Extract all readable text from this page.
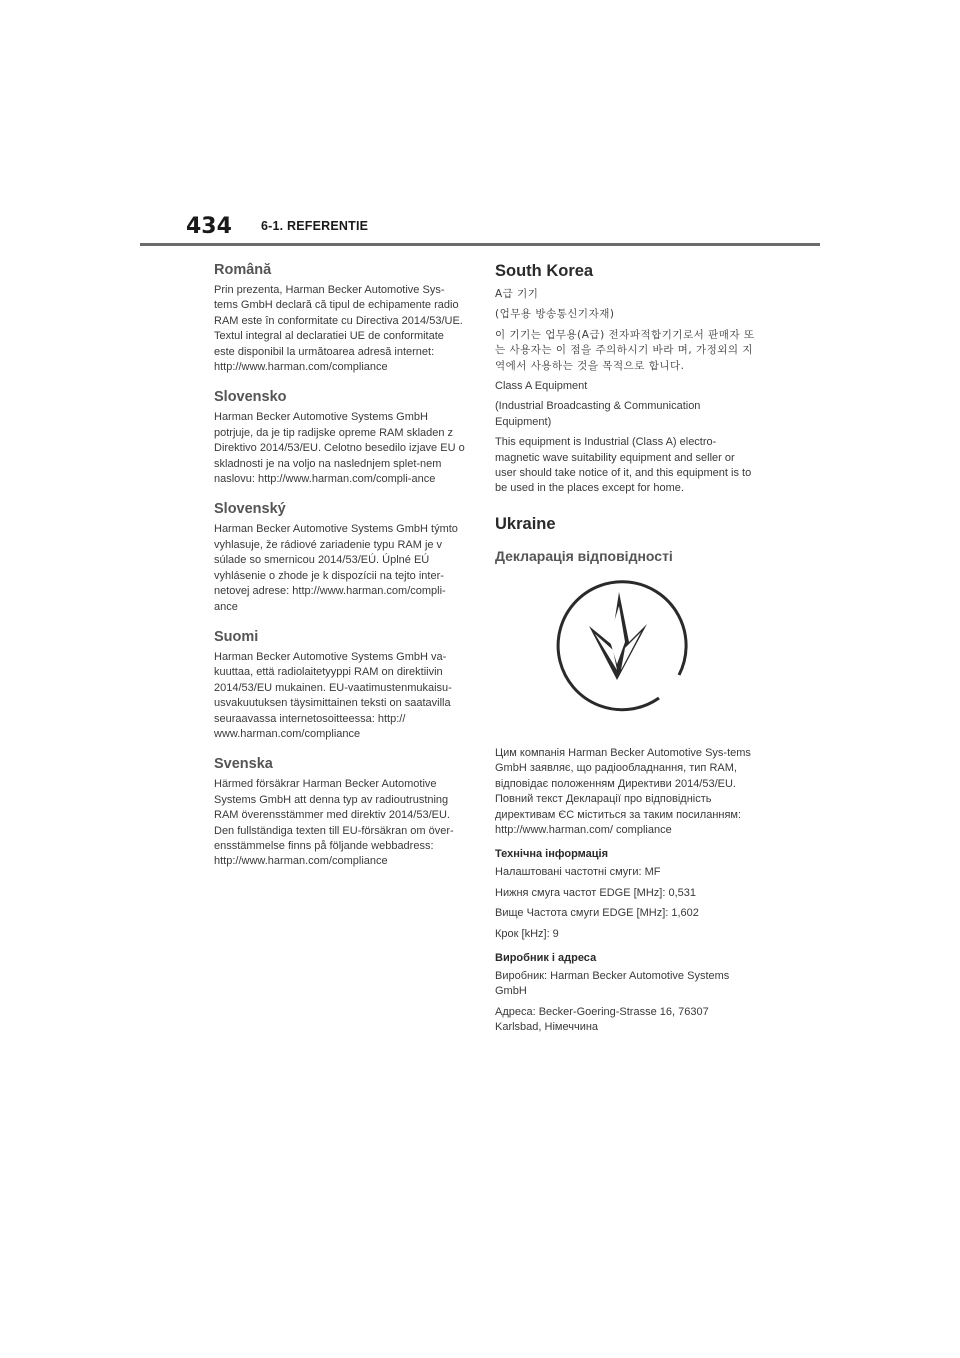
434 6-1. REFERENTIE
Română

Prin prezenta, Harman Becker Automotive Sys-tems GmbH declară că tipul de echipamente radio RAM este în conformitate cu Directiva 2014/53/UE. Textul integral al declaratiei UE de conformitate este disponibil la următoarea adresă internet: http://www.harman.com/compliance

Slovensko

Harman Becker Automotive Systems GmbH potrjuje, da je tip radijske opreme RAM skladen z Direktivo 2014/53/EU. Celotno besedilo izjave EU o skladnosti je na voljo na naslednjem splet-nem naslovu: http://www.harman.com/compli-ance

Slovenský

Harman Becker Automotive Systems GmbH týmto vyhlasuje, že rádiové zariadenie typu RAM je v súlade so smernicou 2014/53/EÚ. Úplné EÚ vyhlásenie o zhode je k dispozícii na tejto inter-netovej adrese: http://www.harman.com/compli-ance

Suomi

Harman Becker Automotive Systems GmbH va-kuuttaa, että radiolaitetyyppi RAM on direktiivin 2014/53/EU mukainen. EU-vaatimustenmukaisu-usvakuutuksen täysimittainen teksti on saatavilla seuraavassa internetosoitteessa: http:// www.harman.com/compliance

Svenska

Härmed försäkrar Harman Becker Automotive Systems GmbH att denna typ av radioutrustning RAM överensstämmer med direktiv 2014/53/EU. Den fullständiga texten till EU-försäkran om över-ensstämmelse finns på följande webbadress: http://www.harman.com/compliance

South Korea

A급 기기

(업무용 방송통신기자재)

이 기기는 업무용(A급) 전자파적합기기로서 판매자 또는 사용자는 이 점을 주의하시기 바라 며, 가정외의 지역에서 사용하는 것을 목적으로 합니다.

Class A Equipment

(Industrial Broadcasting & Communication Equipment)

This equipment is Industrial (Class A) electro-magnetic wave suitability equipment and seller or user should take notice of it, and this equipment is to be used in the places except for home.

Ukraine
Декларація відповідності

Цим компанія Harman Becker Automotive Sys-tems GmbH заявляє, що радіообладнання, тип RAM, відповідає положенням Директиви 2014/53/EU. Повний текст Декларації про відповідність директивам ЄС міститься за таким посиланням: http://www.harman.com/ compliance

Технічна інформація

Налаштовані частотні смуги: MF

Нижня смуга частот EDGE [MHz]: 0,531

Вище Частота смуги EDGE [MHz]: 1,602

Крок [kHz]: 9

Виробник і адреса

Виробник: Harman Becker Automotive Systems GmbH

Адреса: Becker-Goering-Strasse 16, 76307 Karlsbad, Німеччина
